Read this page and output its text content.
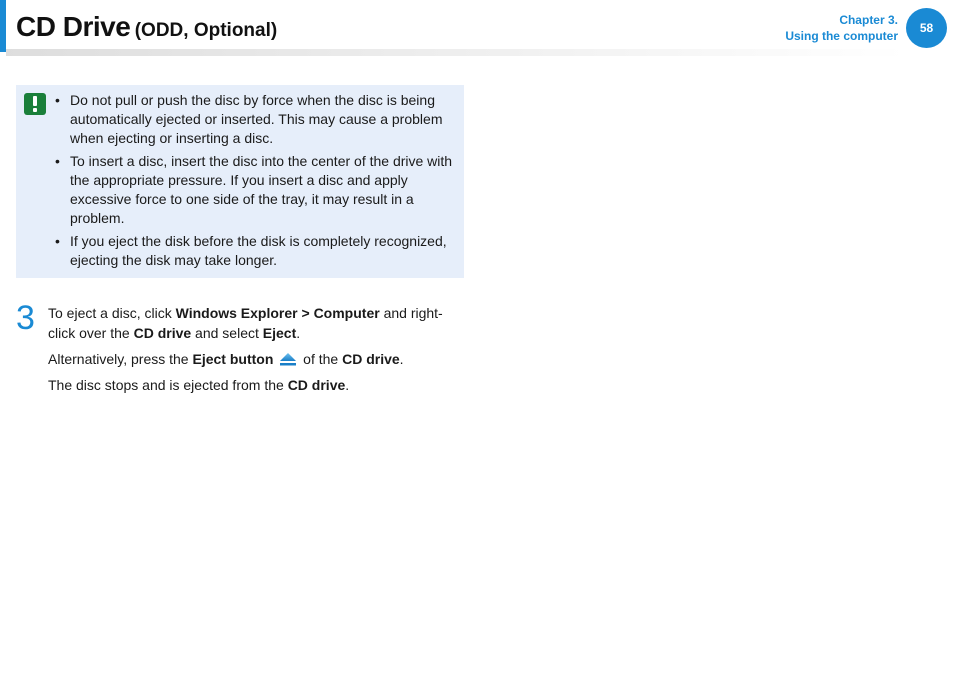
CD Drive (ODD, Optional)	Chapter 3.
Using the computer
58
• Do not pull or push the disc by force when the disc is being automatically ejected or inserted. This may cause a problem when ejecting or inserting a disc.
• To insert a disc, insert the disc into the center of the drive with the appropriate pressure. If you insert a disc and apply excessive force to one side of the tray, it may result in a problem.
• If you eject the disk before the disk is completely recognized, ejecting the disk may take longer.
3 To eject a disc, click Windows Explorer > Computer and right-click over the CD drive and select Eject.
Alternatively, press the Eject button  of the CD drive.
The disc stops and is ejected from the CD drive.
